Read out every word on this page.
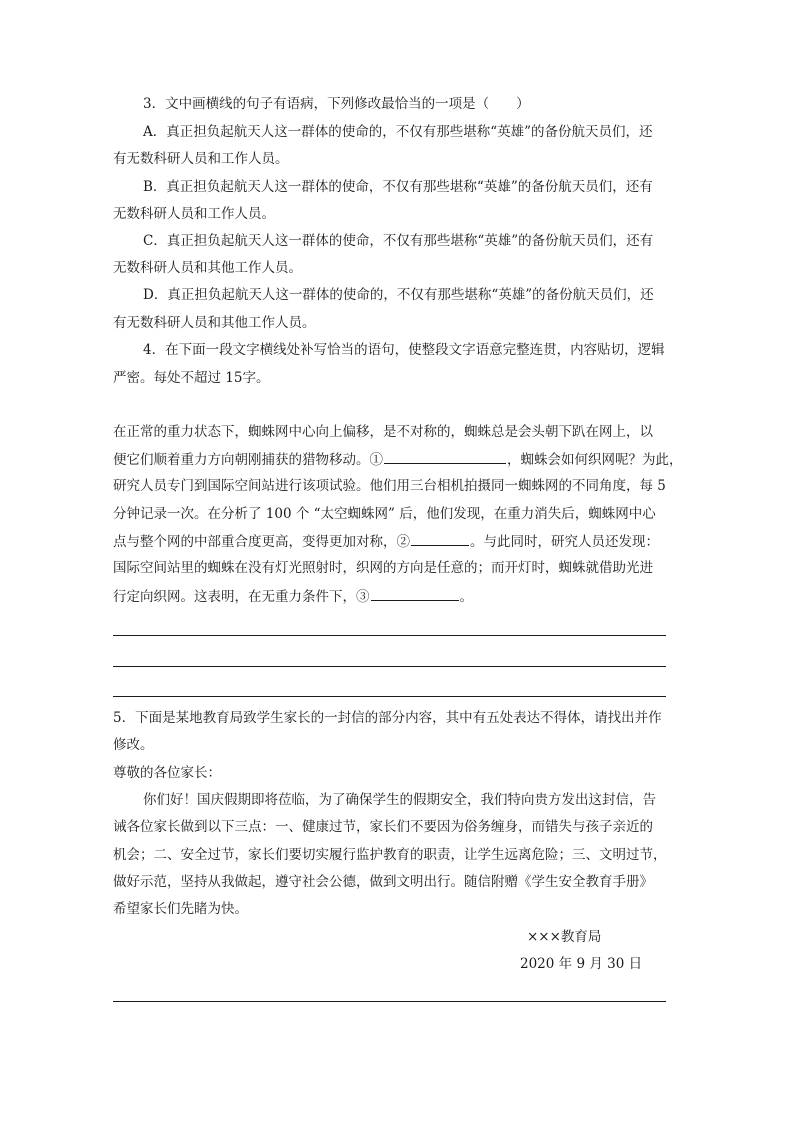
3．文中画横线的句子有语病，下列修改最恰当的一项是（　　）
A．真正担负起航天人这一群体的使命的，不仅有那些堪称“英雄”的备份航天员们，还
有无数科研人员和工作人员。
B．真正担负起航天人这一群体的使命，不仅有那些堪称“英雄”的备份航天员们，还有
无数科研人员和工作人员。
C．真正担负起航天人这一群体的使命，不仅有那些堪称“英雄”的备份航天员们，还有
无数科研人员和其他工作人员。
D．真正担负起航天人这一群体的使命的，不仅有那些堪称“英雄”的备份航天员们，还
有无数科研人员和其他工作人员。
4．在下面一段文字横线处补写恰当的语句，使整段文字语意完整连贯，内容贴切，逻辑
严密。每处不超过 15字。
在正常的重力状态下，蜘蛛网中心向上偏移，是不对称的，蜘蛛总是会头朝下趴在网上，以
便它们顺着重力方向朝刚捕获的猎物移动。①	，蜘蛛会如何织网呢？为此，
研究人员专门到国际空间站进行该项试验。他们用三台相机拍摄同一蜘蛛网的不同角度，每 5
分钟记录一次。在分析了 100 个 “太空蜘蛛网” 后，他们发现，在重力消失后，蜘蛛网中心
点与整个网的中部重合度更高，变得更加对称，②	。与此同时，研究人员还发现：
国际空间站里的蜘蛛在没有灯光照射时，织网的方向是任意的；而开灯时，蜘蛛就借助光进
行定向织网。这表明，在无重力条件下，③	。
5．下面是某地教育局致学生家长的一封信的部分内容，其中有五处表达不得体，请找出并作
修改。
尊敬的各位家长：
你们好！国庆假期即将莅临，为了确保学生的假期安全，我们特向贵方发出这封信，告
诫各位家长做到以下三点：一、健康过节，家长们不要因为俗务缠身，而错失与孩子亲近的
机会；二、安全过节，家长们要切实履行监护教育的职责，让学生远离危险；三、文明过节，
做好示范，坚持从我做起，遵守社会公德，做到文明出行。随信附赠《学生安全教育手册》
希望家长们先睹为快。
×××教育局
2020 年 9 月 30 日
